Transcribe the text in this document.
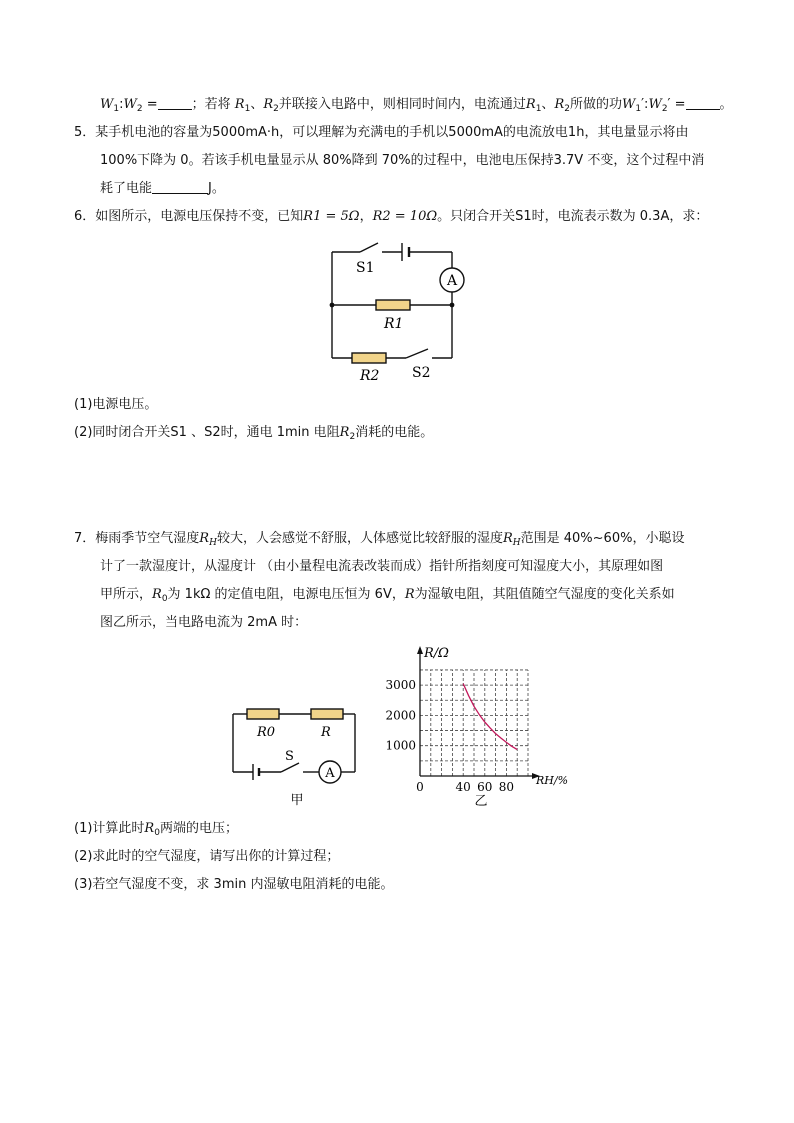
$W_1:W_2$ =	；若将 $R_1$、$R_2$并联接入电路中，则相同时间内，电流通过$R_1$、$R_2$所做的功$W_1':W_2'$ =	。
5．某手机电池的容量为5000mA·h，可以理解为充满电的手机以5000mA的电流放电1h，其电量显示将由
100%下降为 0。若该手机电量显示从 80%降到 70%的过程中，电池电压保持3.7V 不变，这个过程中消
耗了电能	J。
6．如图所示，电源电压保持不变，已知R1 = 5Ω，R2 = 10Ω。只闭合开关S1时，电流表示数为 0.3A，求：
S1
A
R1
R2 S2
(1)电源电压。
(2)同时闭合开关S1 、S2时，通电 1min 电阻$R_2$消耗的电能。
7．梅雨季节空气湿度$R_H$较大，人会感觉不舒服，人体感觉比较舒服的湿度$R_H$范围是 40%~60%，小聪设
计了一款湿度计，从湿度计 （由小量程电流表改装而成）指针所指刻度可知湿度大小，其原理如图
甲所示，$R_0$为 1kΩ 的定值电阻，电源电压恒为 6V，R为湿敏电阻，其阻值随空气湿度的变化关系如
图乙所示，当电路电流为 2mA 时：
R0	R
S
A
甲
0	40 60 80
1000
2000
3000
R/Ω
RH/%
乙
(1)计算此时$R_0$两端的电压；
(2)求此时的空气湿度，请写出你的计算过程；
(3)若空气湿度不变，求 3min 内湿敏电阻消耗的电能。
